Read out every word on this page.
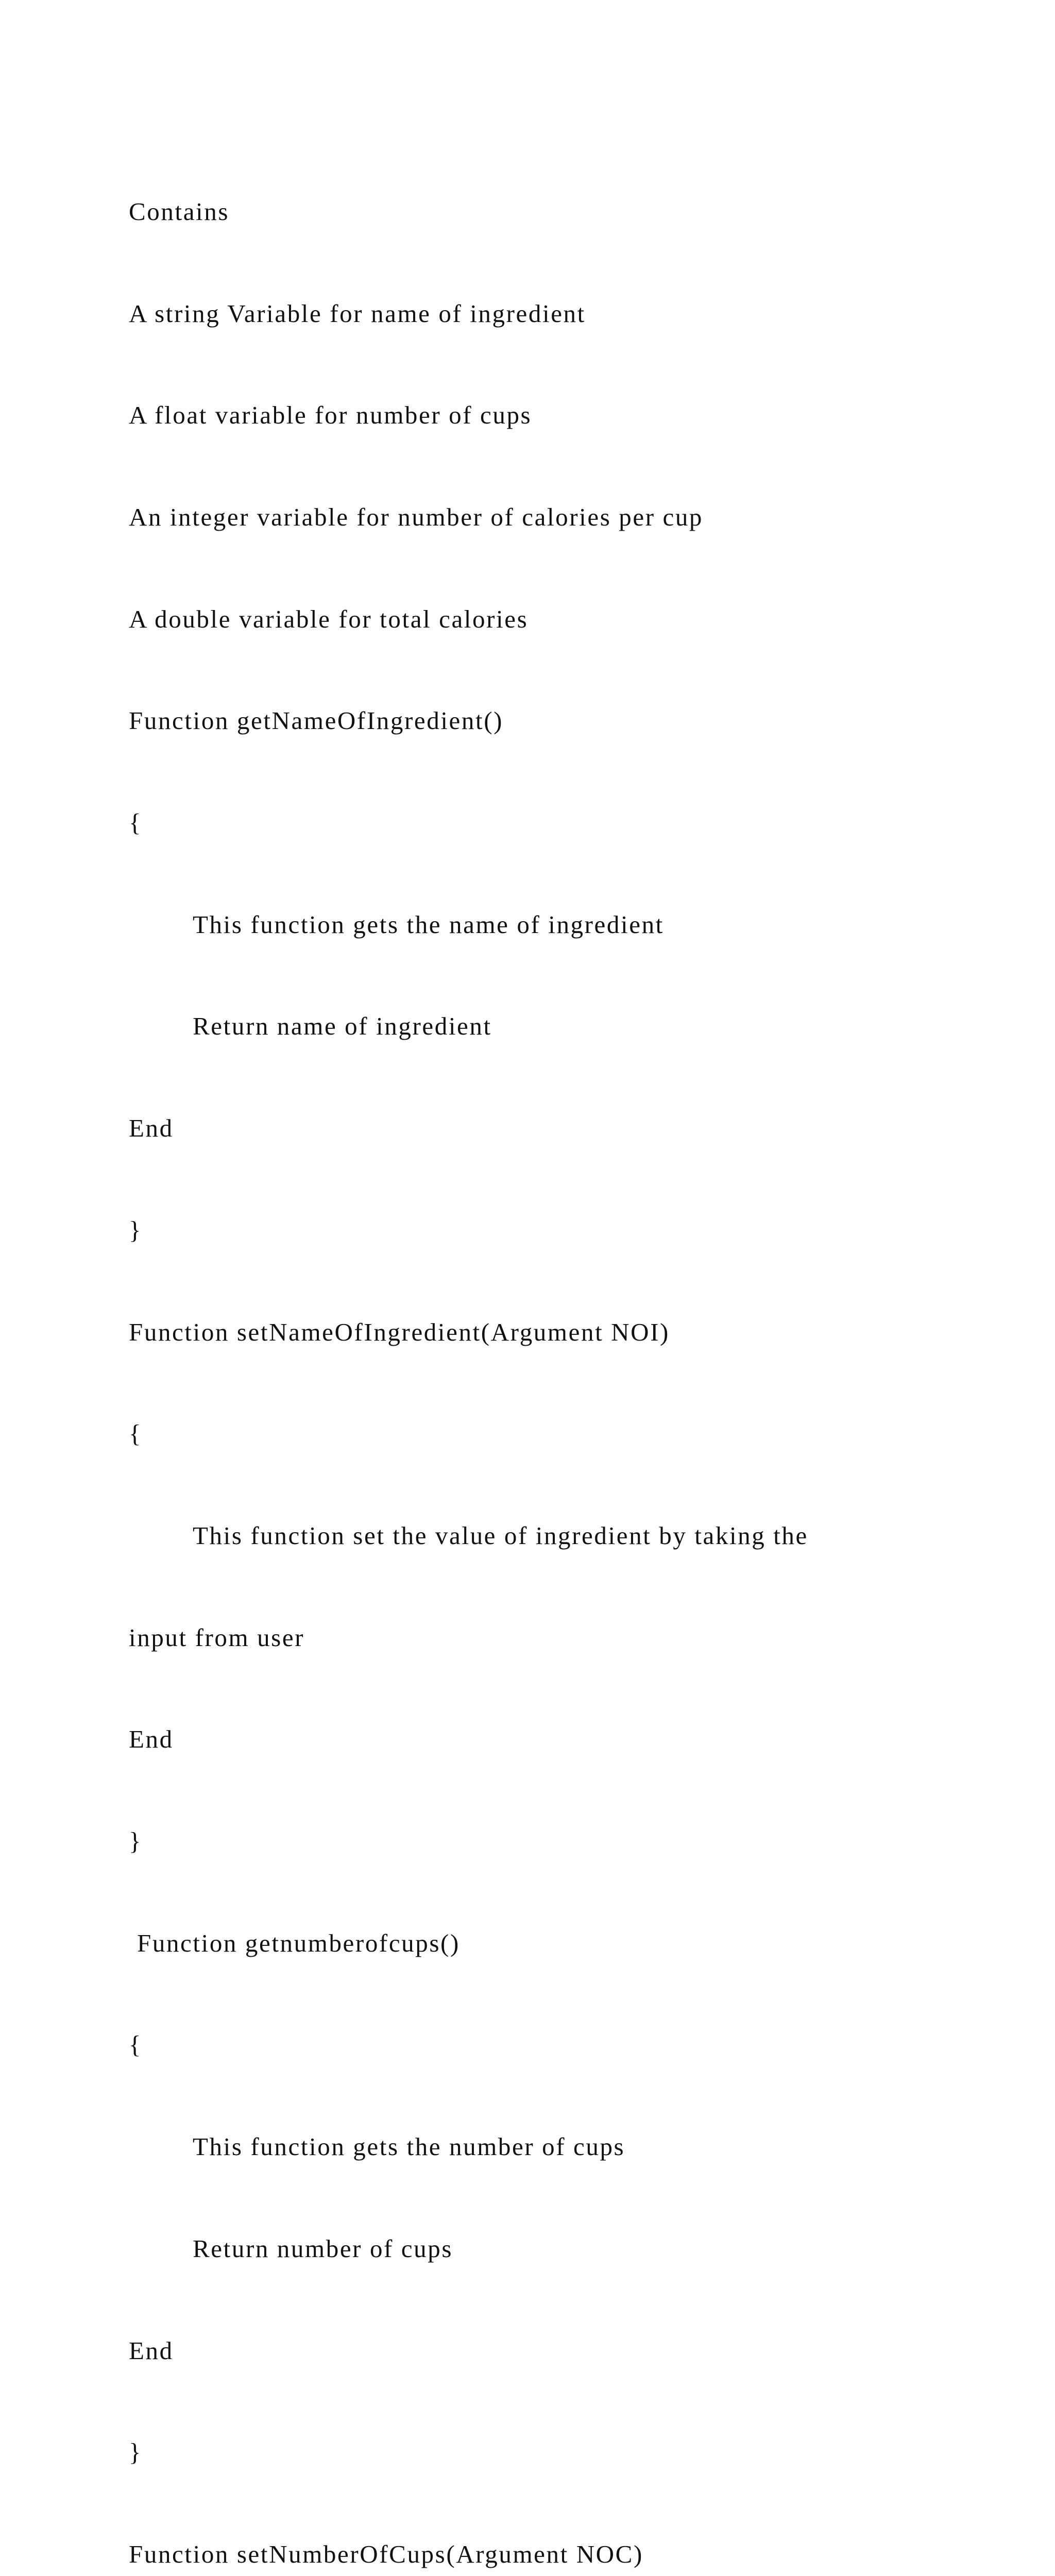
Contains

A string Variable for name of ingredient

A float variable for number of cups

An integer variable for number of calories per cup

A double variable for total calories

Function getNameOfIngredient()

{

This function gets the name of ingredient

Return name of ingredient

End

}

Function setNameOfIngredient(Argument NOI)

{

This function set the value of ingredient by taking the

input from user

End

}

Function getnumberofcups()

{

This function gets the number of cups

Return number of cups

End

}

Function setNumberOfCups(Argument NOC)
